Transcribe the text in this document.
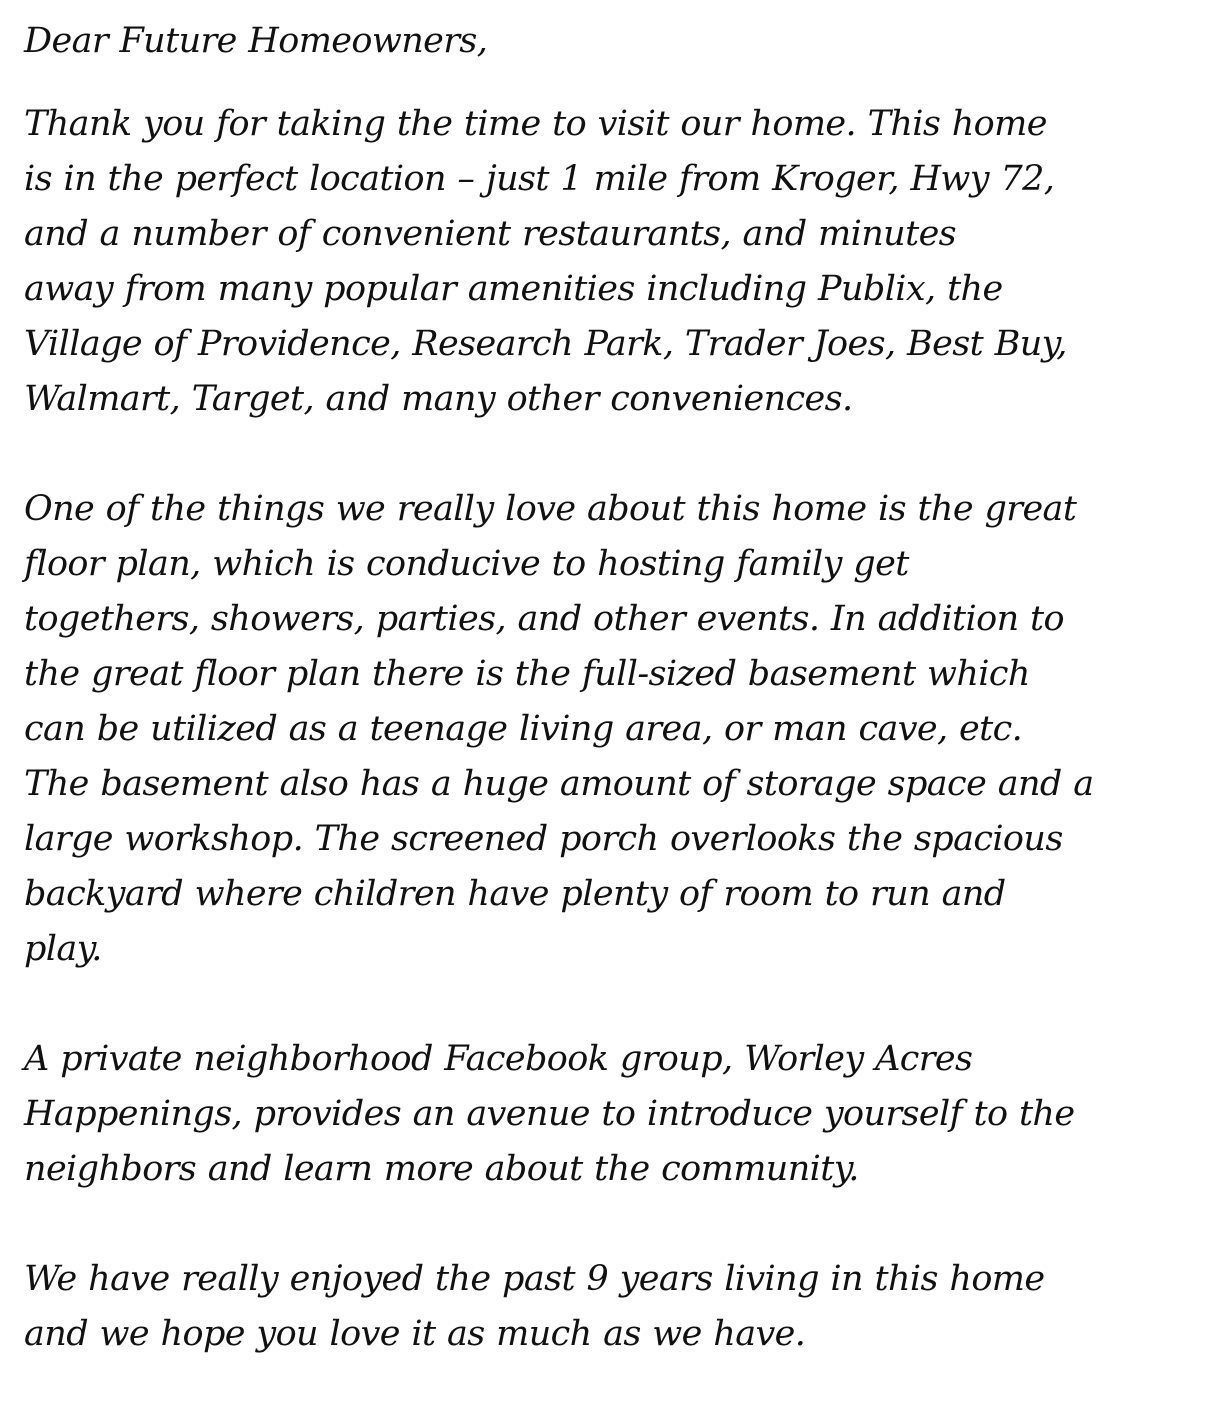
Dear Future Homeowners,
Thank you for taking the time to visit our home. This home
is in the perfect location – just 1 mile from Kroger, Hwy 72,
and a number of convenient restaurants, and minutes
away from many popular amenities including Publix, the
Village of Providence, Research Park, Trader Joes, Best Buy,
Walmart, Target, and many other conveniences.
One of the things we really love about this home is the great
floor plan, which is conducive to hosting family get
togethers, showers, parties, and other events. In addition to
the great floor plan there is the full-sized basement which
can be utilized as a teenage living area, or man cave, etc.
The basement also has a huge amount of storage space and a
large workshop. The screened porch overlooks the spacious
backyard where children have plenty of room to run and
play.
A private neighborhood Facebook group, Worley Acres
Happenings, provides an avenue to introduce yourself to the
neighbors and learn more about the community.
We have really enjoyed the past 9 years living in this home
and we hope you love it as much as we have.
